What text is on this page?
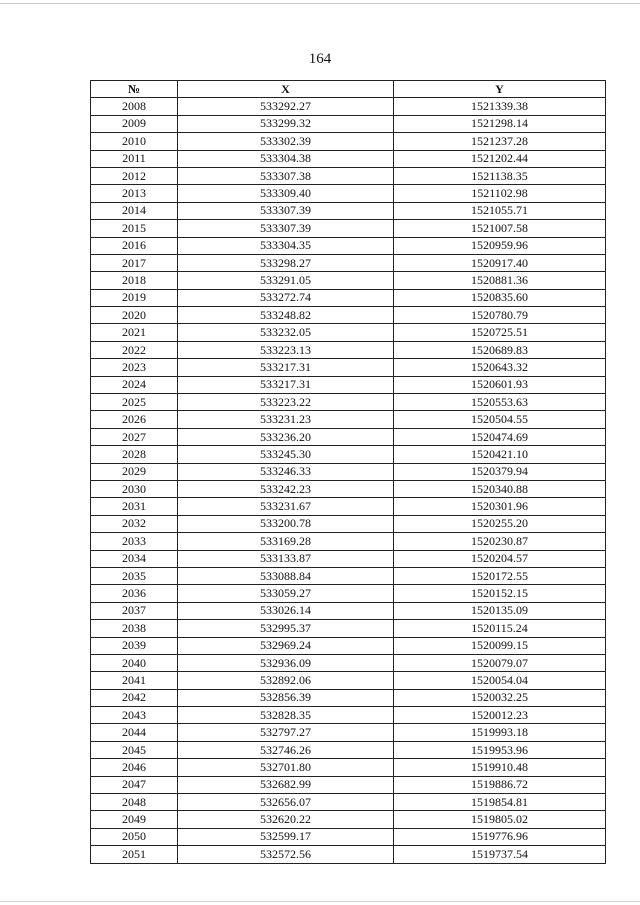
164
№	X	Y
2008	533292.27	1521339.38
2009	533299.32	1521298.14
2010	533302.39	1521237.28
2011	533304.38	1521202.44
2012	533307.38	1521138.35
2013	533309.40	1521102.98
2014	533307.39	1521055.71
2015	533307.39	1521007.58
2016	533304.35	1520959.96
2017	533298.27	1520917.40
2018	533291.05	1520881.36
2019	533272.74	1520835.60
2020	533248.82	1520780.79
2021	533232.05	1520725.51
2022	533223.13	1520689.83
2023	533217.31	1520643.32
2024	533217.31	1520601.93
2025	533223.22	1520553.63
2026	533231.23	1520504.55
2027	533236.20	1520474.69
2028	533245.30	1520421.10
2029	533246.33	1520379.94
2030	533242.23	1520340.88
2031	533231.67	1520301.96
2032	533200.78	1520255.20
2033	533169.28	1520230.87
2034	533133.87	1520204.57
2035	533088.84	1520172.55
2036	533059.27	1520152.15
2037	533026.14	1520135.09
2038	532995.37	1520115.24
2039	532969.24	1520099.15
2040	532936.09	1520079.07
2041	532892.06	1520054.04
2042	532856.39	1520032.25
2043	532828.35	1520012.23
2044	532797.27	1519993.18
2045	532746.26	1519953.96
2046	532701.80	1519910.48
2047	532682.99	1519886.72
2048	532656.07	1519854.81
2049	532620.22	1519805.02
2050	532599.17	1519776.96
2051	532572.56	1519737.54
